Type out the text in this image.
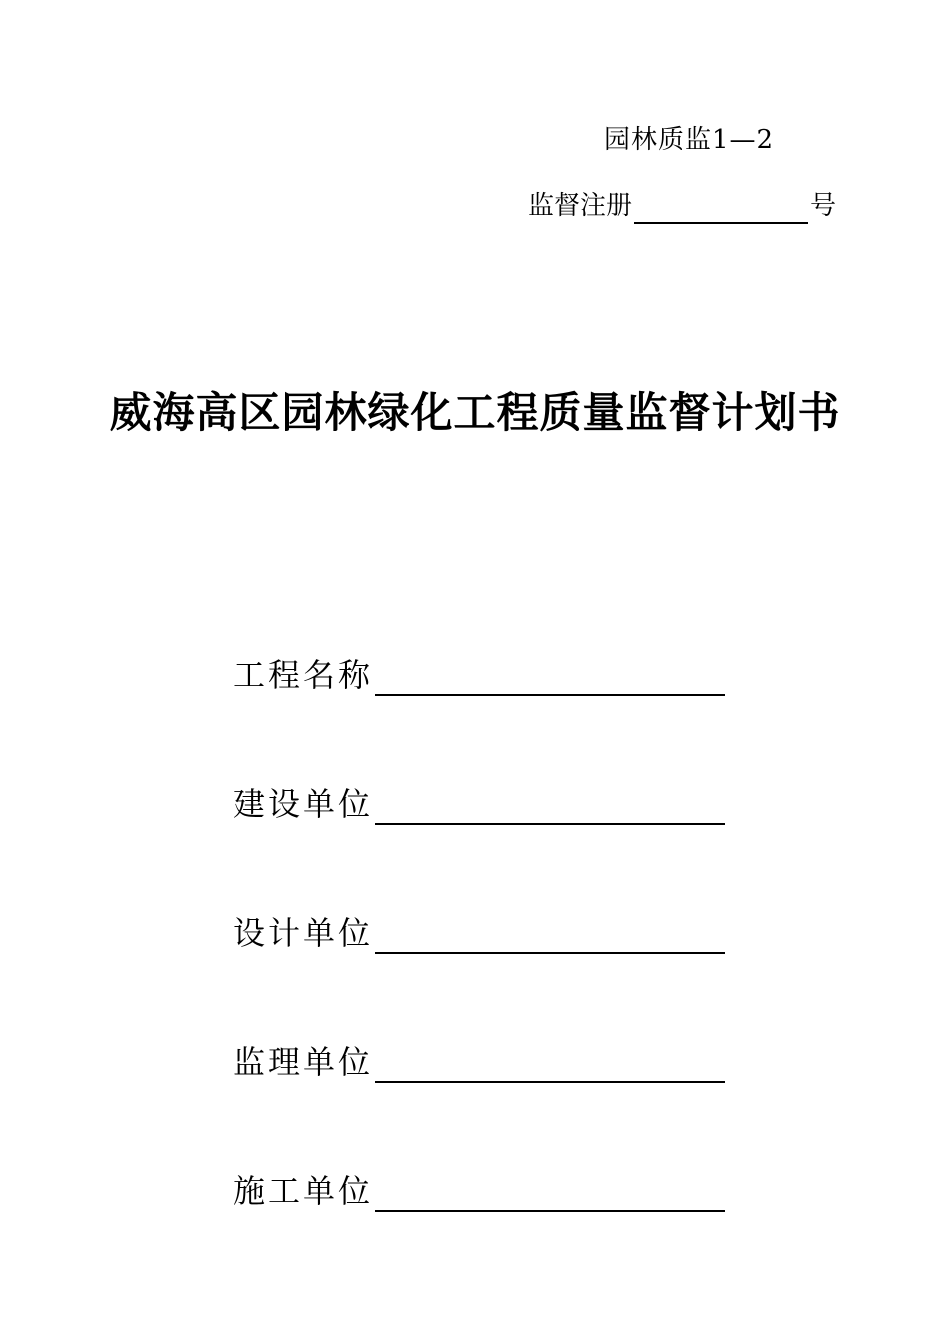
园林质监1—2
监督注册	号
威海高区园林绿化工程质量监督计划书
工程名称
建设单位
设计单位
监理单位
施工单位
